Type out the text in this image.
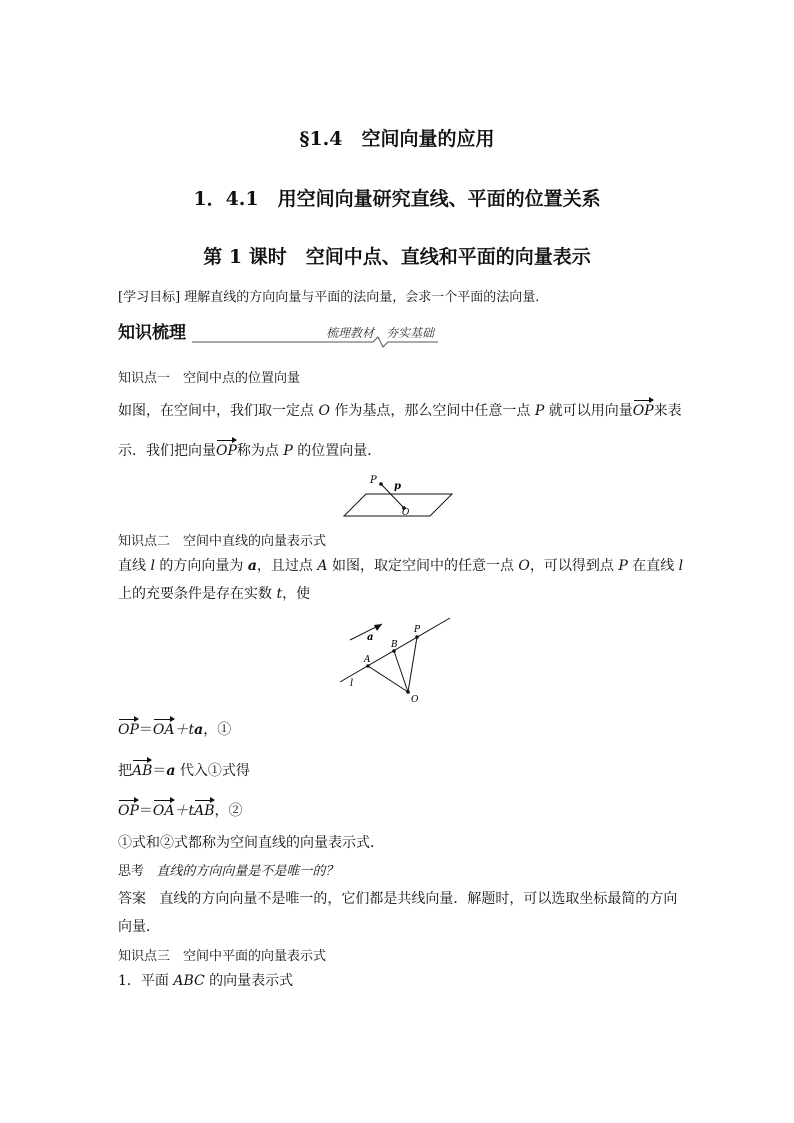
§1.4　空间向量的应用
1．4.1　用空间向量研究直线、平面的位置关系
第 1 课时　空间中点、直线和平面的向量表示
[学习目标] 理解直线的方向向量与平面的法向量，会求一个平面的法向量．
知识梳理	梳理教材　夯实基础
知识点一　空间中点的位置向量
如图，在空间中，我们取一定点 O 作为基点，那么空间中任意一点 P 就可以用向量OP来表
示．我们把向量OP称为点 P 的位置向量．
P
p
O
知识点二　空间中直线的向量表示式
直线 l 的方向向量为 a，且过点 A 如图，取定空间中的任意一点 O，可以得到点 P 在直线 l
上的充要条件是存在实数 t，使
a
A
B
P
l
O
OP＝OA＋ta，①
把AB＝a 代入①式得
OP＝OA＋tAB，②
①式和②式都称为空间直线的向量表示式．
思考 直线的方向向量是不是唯一的？
答案 直线的方向向量不是唯一的，它们都是共线向量．解题时，可以选取坐标最简的方向
向量．
知识点三　空间中平面的向量表示式
1．平面 ABC 的向量表示式
